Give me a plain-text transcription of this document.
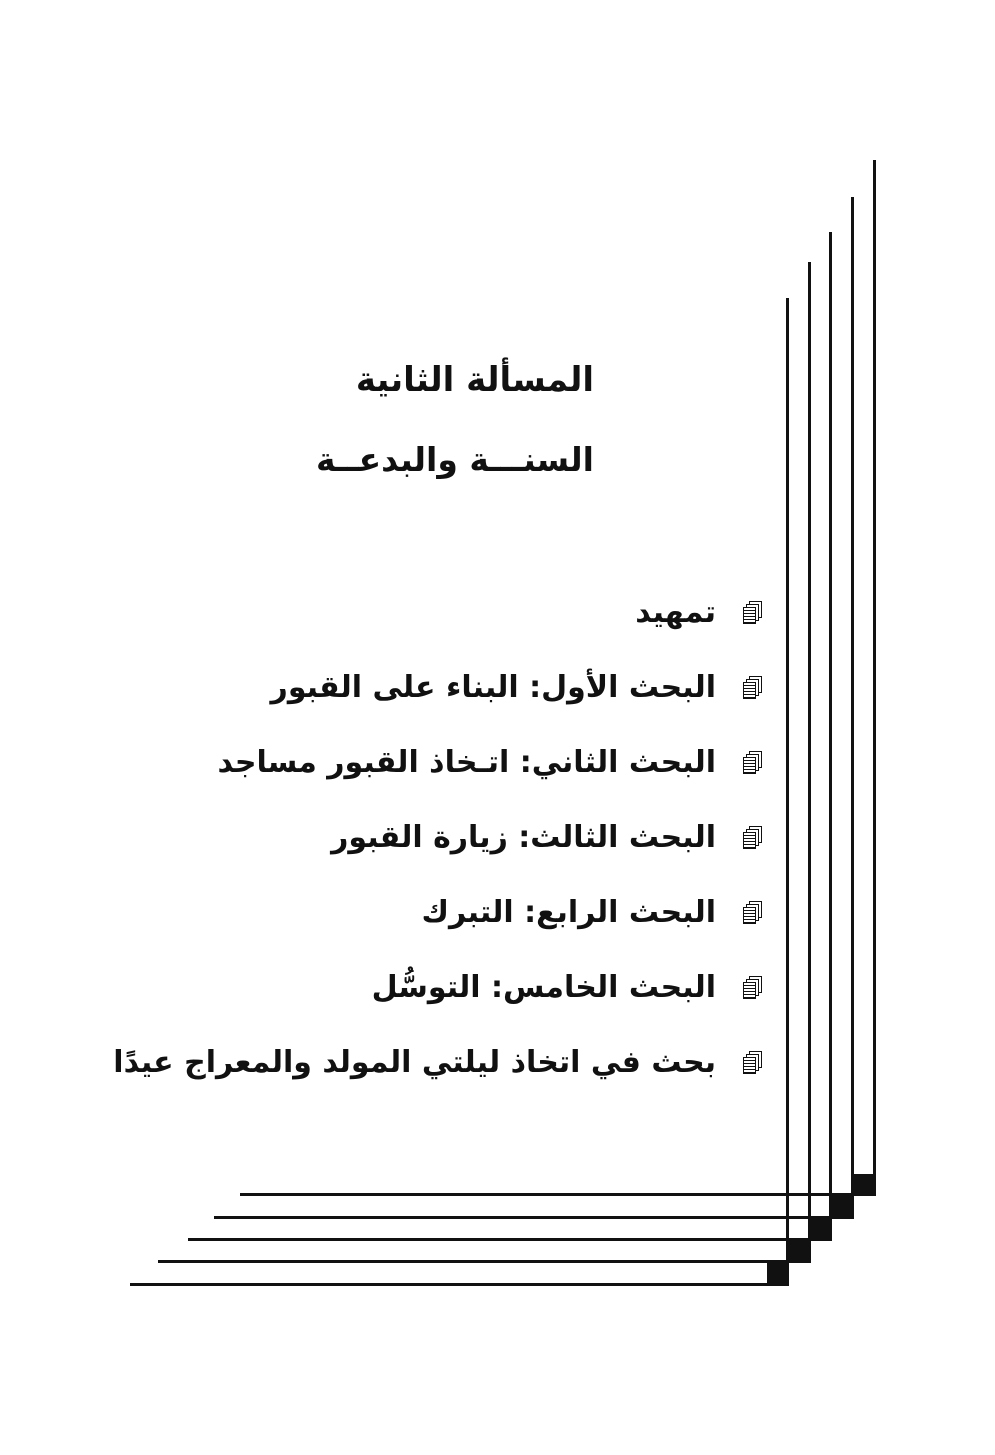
المسألة الثانية
السنـــة والبدعــة
تمهيد
البحث الأول: البناء على القبور
البحث الثاني: اتـخاذ القبور مساجد
البحث الثالث: زيارة القبور
البحث الرابع: التبرك
البحث الخامس: التوسُّل
بحث في اتخاذ ليلتي المولد والمعراج عيدًا
